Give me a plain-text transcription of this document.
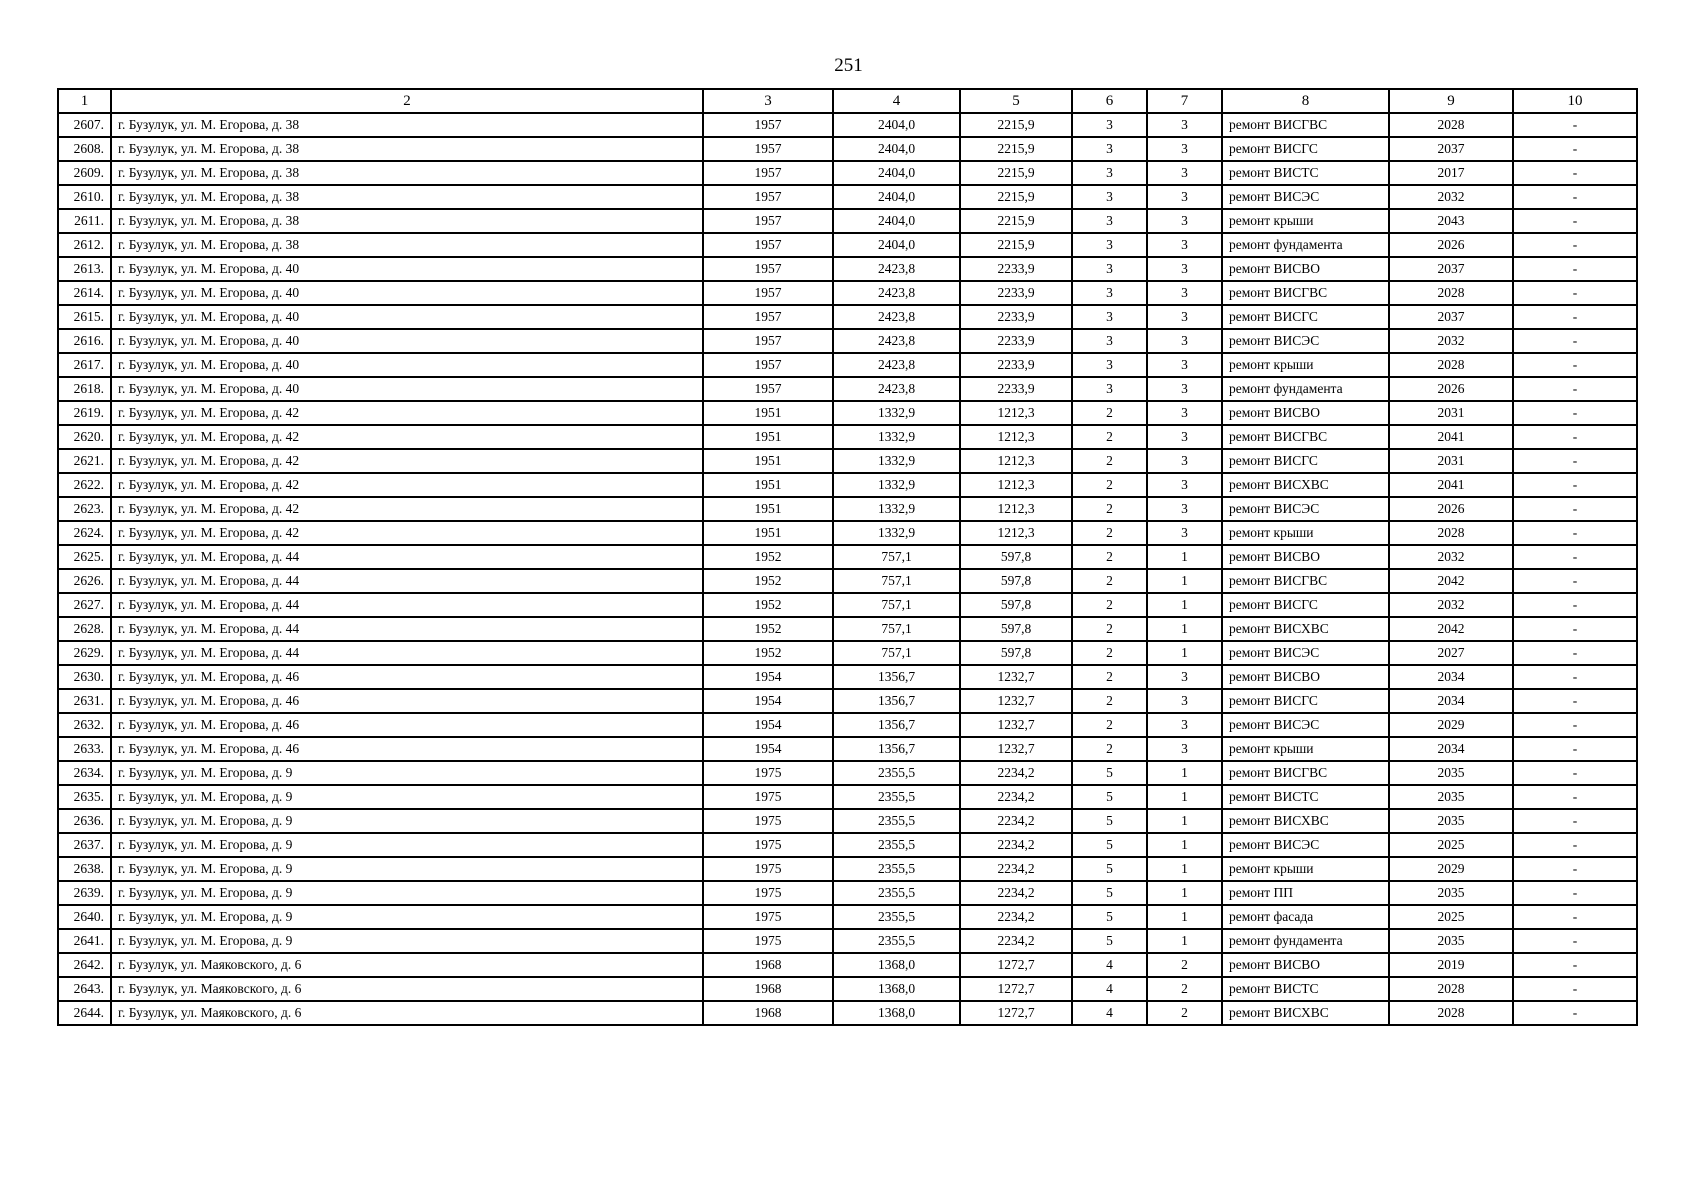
251
1	2	3	4	5	6	7	8	9	10
2607.	г. Бузулук, ул. М. Егорова, д. 38	1957	2404,0	2215,9	3	3	ремонт ВИСГВС	2028	-
2608.	г. Бузулук, ул. М. Егорова, д. 38	1957	2404,0	2215,9	3	3	ремонт ВИСГС	2037	-
2609.	г. Бузулук, ул. М. Егорова, д. 38	1957	2404,0	2215,9	3	3	ремонт ВИСТС	2017	-
2610.	г. Бузулук, ул. М. Егорова, д. 38	1957	2404,0	2215,9	3	3	ремонт ВИСЭС	2032	-
2611.	г. Бузулук, ул. М. Егорова, д. 38	1957	2404,0	2215,9	3	3	ремонт крыши	2043	-
2612.	г. Бузулук, ул. М. Егорова, д. 38	1957	2404,0	2215,9	3	3	ремонт фундамента	2026	-
2613.	г. Бузулук, ул. М. Егорова, д. 40	1957	2423,8	2233,9	3	3	ремонт ВИСВО	2037	-
2614.	г. Бузулук, ул. М. Егорова, д. 40	1957	2423,8	2233,9	3	3	ремонт ВИСГВС	2028	-
2615.	г. Бузулук, ул. М. Егорова, д. 40	1957	2423,8	2233,9	3	3	ремонт ВИСГС	2037	-
2616.	г. Бузулук, ул. М. Егорова, д. 40	1957	2423,8	2233,9	3	3	ремонт ВИСЭС	2032	-
2617.	г. Бузулук, ул. М. Егорова, д. 40	1957	2423,8	2233,9	3	3	ремонт крыши	2028	-
2618.	г. Бузулук, ул. М. Егорова, д. 40	1957	2423,8	2233,9	3	3	ремонт фундамента	2026	-
2619.	г. Бузулук, ул. М. Егорова, д. 42	1951	1332,9	1212,3	2	3	ремонт ВИСВО	2031	-
2620.	г. Бузулук, ул. М. Егорова, д. 42	1951	1332,9	1212,3	2	3	ремонт ВИСГВС	2041	-
2621.	г. Бузулук, ул. М. Егорова, д. 42	1951	1332,9	1212,3	2	3	ремонт ВИСГС	2031	-
2622.	г. Бузулук, ул. М. Егорова, д. 42	1951	1332,9	1212,3	2	3	ремонт ВИСХВС	2041	-
2623.	г. Бузулук, ул. М. Егорова, д. 42	1951	1332,9	1212,3	2	3	ремонт ВИСЭС	2026	-
2624.	г. Бузулук, ул. М. Егорова, д. 42	1951	1332,9	1212,3	2	3	ремонт крыши	2028	-
2625.	г. Бузулук, ул. М. Егорова, д. 44	1952	757,1	597,8	2	1	ремонт ВИСВО	2032	-
2626.	г. Бузулук, ул. М. Егорова, д. 44	1952	757,1	597,8	2	1	ремонт ВИСГВС	2042	-
2627.	г. Бузулук, ул. М. Егорова, д. 44	1952	757,1	597,8	2	1	ремонт ВИСГС	2032	-
2628.	г. Бузулук, ул. М. Егорова, д. 44	1952	757,1	597,8	2	1	ремонт ВИСХВС	2042	-
2629.	г. Бузулук, ул. М. Егорова, д. 44	1952	757,1	597,8	2	1	ремонт ВИСЭС	2027	-
2630.	г. Бузулук, ул. М. Егорова, д. 46	1954	1356,7	1232,7	2	3	ремонт ВИСВО	2034	-
2631.	г. Бузулук, ул. М. Егорова, д. 46	1954	1356,7	1232,7	2	3	ремонт ВИСГС	2034	-
2632.	г. Бузулук, ул. М. Егорова, д. 46	1954	1356,7	1232,7	2	3	ремонт ВИСЭС	2029	-
2633.	г. Бузулук, ул. М. Егорова, д. 46	1954	1356,7	1232,7	2	3	ремонт крыши	2034	-
2634.	г. Бузулук, ул. М. Егорова, д. 9	1975	2355,5	2234,2	5	1	ремонт ВИСГВС	2035	-
2635.	г. Бузулук, ул. М. Егорова, д. 9	1975	2355,5	2234,2	5	1	ремонт ВИСТС	2035	-
2636.	г. Бузулук, ул. М. Егорова, д. 9	1975	2355,5	2234,2	5	1	ремонт ВИСХВС	2035	-
2637.	г. Бузулук, ул. М. Егорова, д. 9	1975	2355,5	2234,2	5	1	ремонт ВИСЭС	2025	-
2638.	г. Бузулук, ул. М. Егорова, д. 9	1975	2355,5	2234,2	5	1	ремонт крыши	2029	-
2639.	г. Бузулук, ул. М. Егорова, д. 9	1975	2355,5	2234,2	5	1	ремонт ПП	2035	-
2640.	г. Бузулук, ул. М. Егорова, д. 9	1975	2355,5	2234,2	5	1	ремонт фасада	2025	-
2641.	г. Бузулук, ул. М. Егорова, д. 9	1975	2355,5	2234,2	5	1	ремонт фундамента	2035	-
2642.	г. Бузулук, ул. Маяковского, д. 6	1968	1368,0	1272,7	4	2	ремонт ВИСВО	2019	-
2643.	г. Бузулук, ул. Маяковского, д. 6	1968	1368,0	1272,7	4	2	ремонт ВИСТС	2028	-
2644.	г. Бузулук, ул. Маяковского, д. 6	1968	1368,0	1272,7	4	2	ремонт ВИСХВС	2028	-
